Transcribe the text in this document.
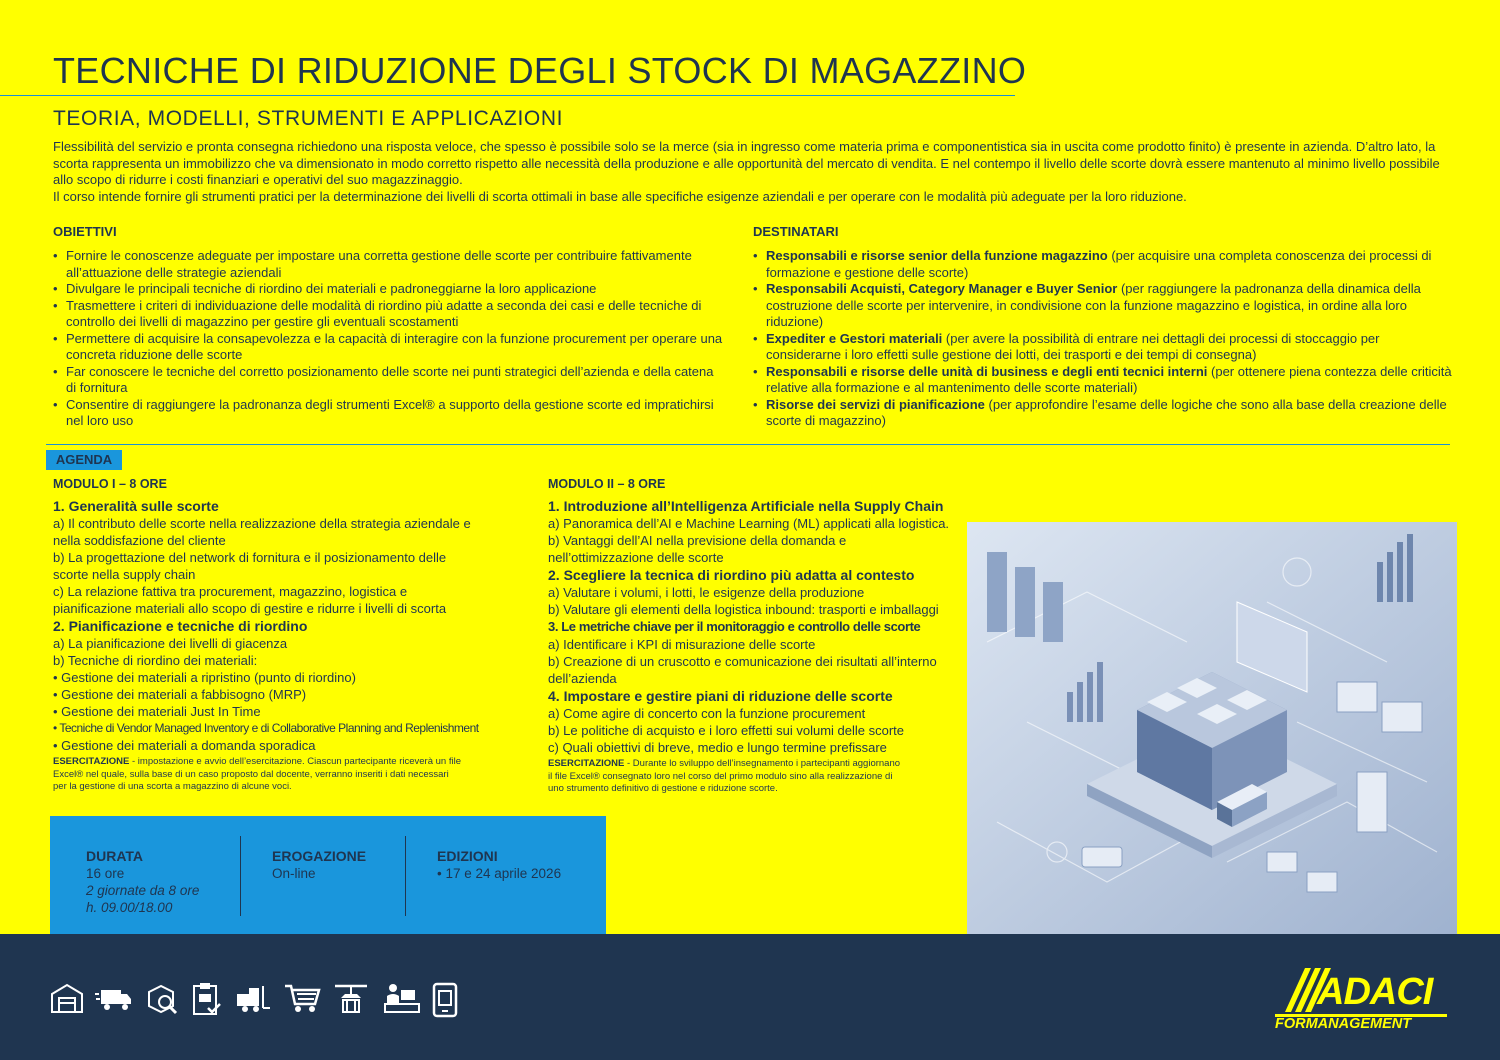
TECNICHE DI RIDUZIONE DEGLI STOCK DI MAGAZZINO
TEORIA, MODELLI, STRUMENTI E APPLICAZIONI

Flessibilità del servizio e pronta consegna richiedono una risposta veloce, che spesso è possibile solo se la merce (sia in ingresso come materia prima e componentistica sia in uscita come prodotto finito) è presente in azienda. D’altro lato, la scorta rappresenta un immobilizzo che va dimensionato in modo corretto rispetto alle necessità della produzione e alle opportunità del mercato di vendita. E nel contempo il livello delle scorte dovrà essere mantenuto al minimo livello possibile allo scopo di ridurre i costi finanziari e operativi del suo magazzinaggio.

Il corso intende fornire gli strumenti pratici per la determinazione dei livelli di scorta ottimali in base alle specifiche esigenze aziendali e per operare con le modalità più adeguate per la loro riduzione.

OBIETTIVI
• Fornire le conoscenze adeguate per impostare una corretta gestione delle scorte per contribuire fattivamente all’attuazione delle strategie aziendali
• Divulgare le principali tecniche di riordino dei materiali e padroneggiarne la loro applicazione
• Trasmettere i criteri di individuazione delle modalità di riordino più adatte a seconda dei casi e delle tecniche di controllo dei livelli di magazzino per gestire gli eventuali scostamenti
• Permettere di acquisire la consapevolezza e la capacità di interagire con la funzione procurement per operare una concreta riduzione delle scorte
• Far conoscere le tecniche del corretto posizionamento delle scorte nei punti strategici dell’azienda e della catena di fornitura
• Consentire di raggiungere la padronanza degli strumenti Excel® a supporto della gestione scorte ed impratichirsi nel loro uso
DESTINATARI
• Responsabili e risorse senior della funzione magazzino (per acquisire una completa conoscenza dei processi di formazione e gestione delle scorte)
• Responsabili Acquisti, Category Manager e Buyer Senior (per raggiungere la padronanza della dinamica della costruzione delle scorte per intervenire, in condivisione con la funzione magazzino e logistica, in ordine alla loro riduzione)
• Expediter e Gestori materiali (per avere la possibilità di entrare nei dettagli dei processi di stoccaggio per considerarne i loro effetti sulle gestione dei lotti, dei trasporti e dei tempi di consegna)
• Responsabili e risorse delle unità di business e degli enti tecnici interni (per ottenere piena contezza delle criticità relative alla formazione e al mantenimento delle scorte materiali)
• Risorse dei servizi di pianificazione (per approfondire l’esame delle logiche che sono alla base della creazione delle scorte di magazzino)
AGENDA
MODULO I – 8 ORE
1. Generalità sulle scorte
a) Il contributo delle scorte nella realizzazione della strategia aziendale e
nella soddisfazione del cliente
b) La progettazione del network di fornitura e il posizionamento delle
scorte nella supply chain
c) La relazione fattiva tra procurement, magazzino, logistica e
pianificazione materiali allo scopo di gestire e ridurre i livelli di scorta
2. Pianificazione e tecniche di riordino
a) La pianificazione dei livelli di giacenza
b) Tecniche di riordino dei materiali:
• Gestione dei materiali a ripristino (punto di riordino)
• Gestione dei materiali a fabbisogno (MRP)
• Gestione dei materiali Just In Time
• Tecniche di Vendor Managed Inventory e di Collaborative Planning and Replenishment
• Gestione dei materiali a domanda sporadica
ESERCITAZIONE - impostazione e avvio dell’esercitazione. Ciascun partecipante riceverà un file
Excel® nel quale, sulla base di un caso proposto dal docente, verranno inseriti i dati necessari
per la gestione di una scorta a magazzino di alcune voci.
MODULO II – 8 ORE
1. Introduzione all’Intelligenza Artificiale nella Supply Chain
a) Panoramica dell’AI e Machine Learning (ML) applicati alla logistica.
b) Vantaggi dell’AI nella previsione della domanda e
nell’ottimizzazione delle scorte
2. Scegliere la tecnica di riordino più adatta al contesto
a) Valutare i volumi, i lotti, le esigenze della produzione
b) Valutare gli elementi della logistica inbound: trasporti e imballaggi
3. Le metriche chiave per il monitoraggio e controllo delle scorte
a) Identificare i KPI di misurazione delle scorte
b) Creazione di un cruscotto e comunicazione dei risultati all’interno
dell’azienda
4. Impostare e gestire piani di riduzione delle scorte
a) Come agire di concerto con la funzione procurement
b) Le politiche di acquisto e i loro effetti sui volumi delle scorte
c) Quali obiettivi di breve, medio e lungo termine prefissare
ESERCITAZIONE - Durante lo sviluppo dell’insegnamento i partecipanti aggiornano
il file Excel® consegnato loro nel corso del primo modulo sino alla realizzazione di
uno strumento definitivo di gestione e riduzione scorte.
DURATA
16 ore
2 giornate da 8 ore
h. 09.00/18.00
EROGAZIONE
On-line
EDIZIONI
• 17 e 24 aprile 2026
ADACI
FORMANAGEMENT
